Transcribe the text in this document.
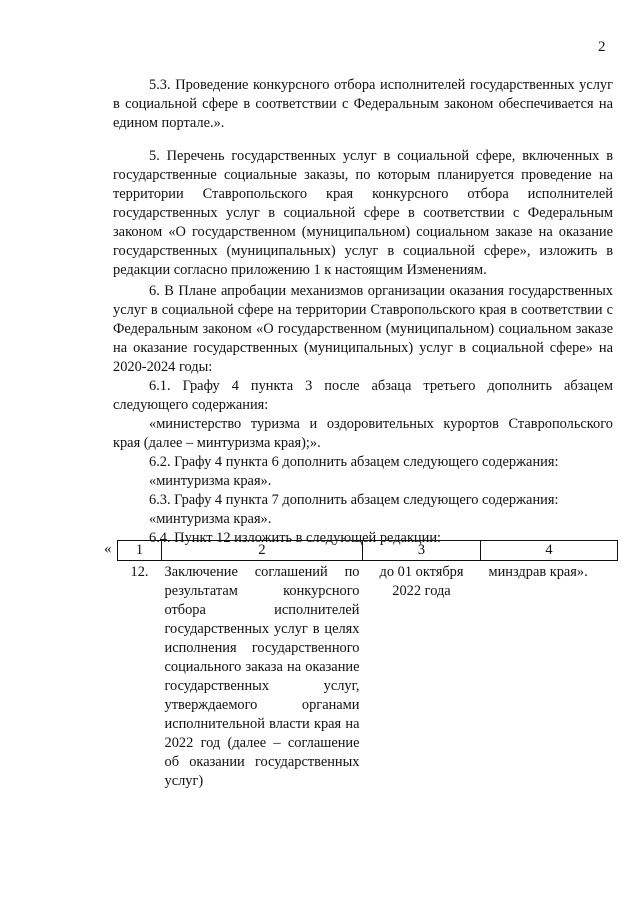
2

5.3. Проведение конкурсного отбора исполнителей государственных услуг в социальной сфере в соответствии с Федеральным законом обеспечивается на едином портале.».

5. Перечень государственных услуг в социальной сфере, включенных в государственные социальные заказы, по которым планируется проведение на территории Ставропольского края конкурсного отбора исполнителей государственных услуг в социальной сфере в соответствии с Федеральным законом «О государственном (муниципальном) социальном заказе на оказание государственных (муниципальных) услуг в социальной сфере», изложить в редакции согласно приложению 1 к настоящим Изменениям.

6. В Плане апробации механизмов организации оказания государственных услуг в социальной сфере на территории Ставропольского края в соответствии с Федеральным законом «О государственном (муниципальном) социальном заказе на оказание государственных (муниципальных) услуг в социальной сфере» на 2020-2024 годы:

6.1. Графу 4 пункта 3 после абзаца третьего дополнить абзацем следующего содержания:

«министерство туризма и оздоровительных курортов Ставропольского края (далее – минтуризма края);».

6.2. Графу 4 пункта 6 дополнить абзацем следующего содержания:

«минтуризма края».

6.3. Графу 4 пункта 7 дополнить абзацем следующего содержания:

«минтуризма края».

6.4. Пункт 12 изложить в следующей редакции:

« 1	2	3	4
12.	Заключение соглашений по результатам конкурсного отбора исполнителей государственных услуг в целях исполнения государственного социального заказа на оказание государственных услуг, утверждаемого органами исполнительной власти края на 2022 год (далее – соглашение об оказании государственных услуг)	до 01 октября 2022 года	минздрав края».
